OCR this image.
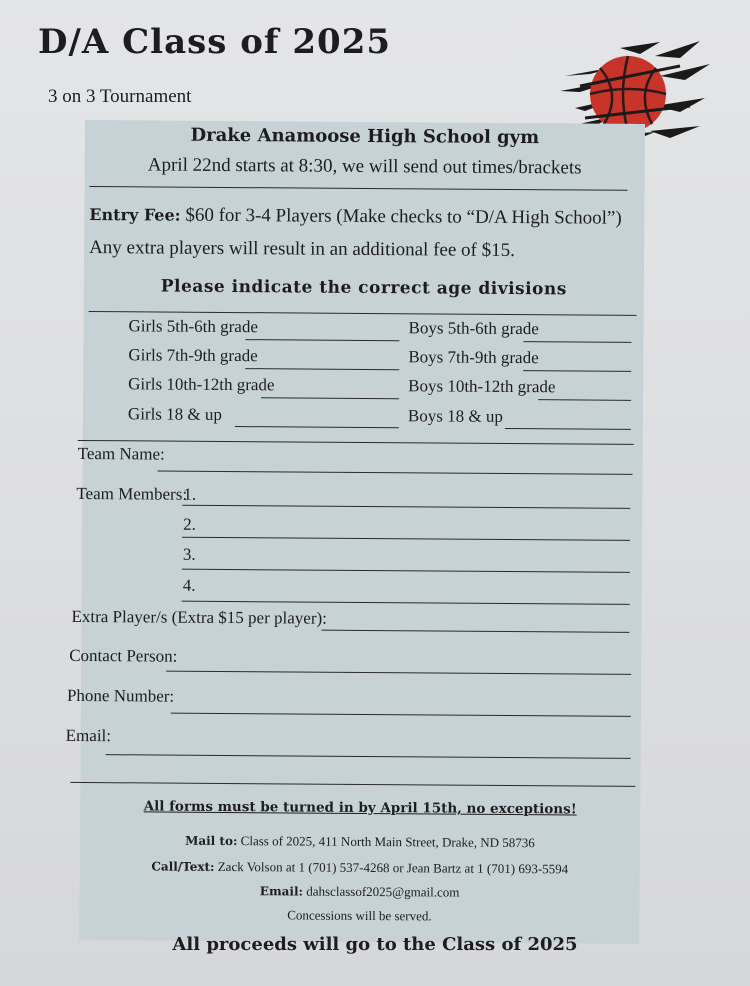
D/A Class of 2025
3 on 3 Tournament
Drake Anamoose High School gym
April 22nd starts at 8:30, we will send out times/brackets
Entry Fee: $60 for 3-4 Players (Make checks to “D/A High School”) Any extra players will result in an additional fee of $15.
Please indicate the correct age divisions
Girls 5th-6th grade
Girls 7th-9th grade
Girls 10th-12th grade
Girls 18 & up
Boys 5th-6th grade
Boys 7th-9th grade
Boys 10th-12th grade
Boys 18 & up
Team Name:
Team Members:
1.
2.
3.
4.
Extra Player/s (Extra $15 per player):
Contact Person:
Phone Number:
Email:
All forms must be turned in by April 15th, no exceptions!
Mail to: Class of 2025, 411 North Main Street, Drake, ND 58736
Call/Text: Zack Volson at 1 (701) 537-4268 or Jean Bartz at 1 (701) 693-5594
Email: dahsclassof2025@gmail.com
Concessions will be served.
All proceeds will go to the Class of 2025
